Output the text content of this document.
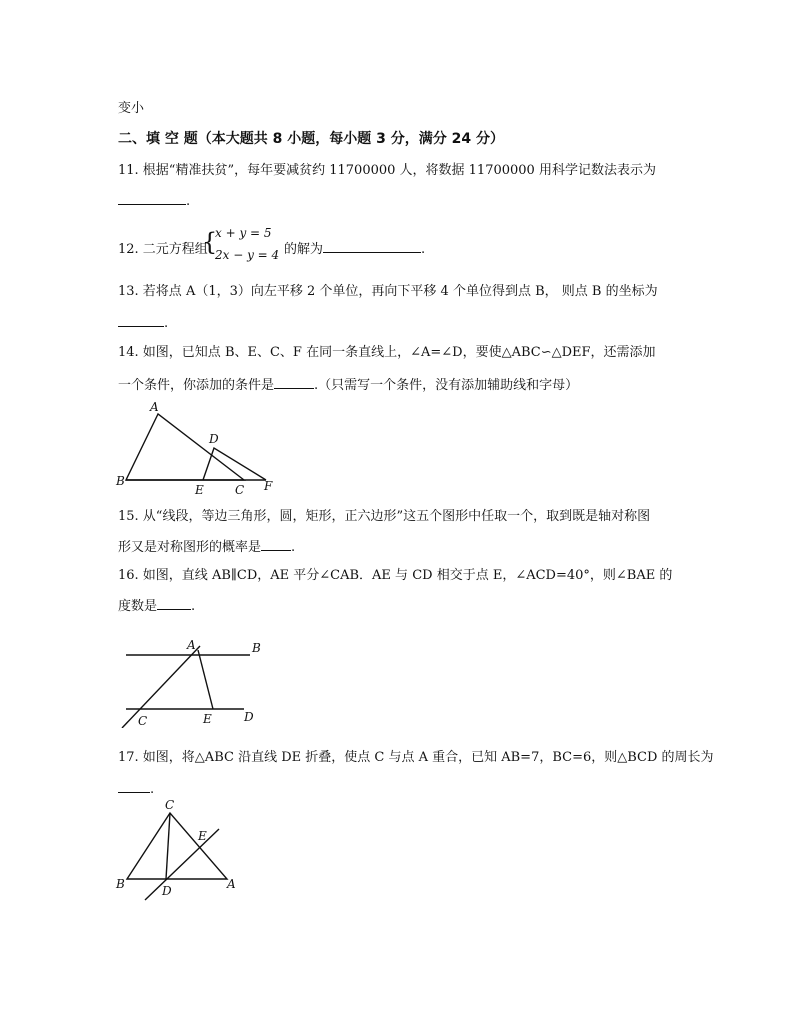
变小
二、填 空 题（本大题共 8 小题，每小题 3 分，满分 24 分）
11. 根据“精准扶贫”，每年要减贫约 11700000 人，将数据 11700000 用科学记数法表示为
.
12. 二元方程组
{
x + y = 5
2x − y = 4 的解为	.
13. 若将点 A（1，3）向左平移 2 个单位，再向下平移 4 个单位得到点 B， 则点 B 的坐标为
.
14. 如图，已知点 B、E、C、F 在同一条直线上，∠A=∠D，要使△ABC∽△DEF，还需添加
一个条件，你添加的条件是	.（只需写一个条件，没有添加辅助线和字母）
A
B
D
E	C F
15. 从“线段，等边三角形，圆，矩形，正六边形”这五个图形中任取一个，取到既是轴对称图
形又是对称图形的概率是 .
16. 如图，直线 AB∥CD，AE 平分∠CAB．AE 与 CD 相交于点 E，∠ACD=40°，则∠BAE 的
度数是	.
A	B
C	E	D
17. 如图，将△ABC 沿直线 DE 折叠，使点 C 与点 A 重合，已知 AB=7，BC=6，则△BCD 的周长为
.
C
E
B	D	A
